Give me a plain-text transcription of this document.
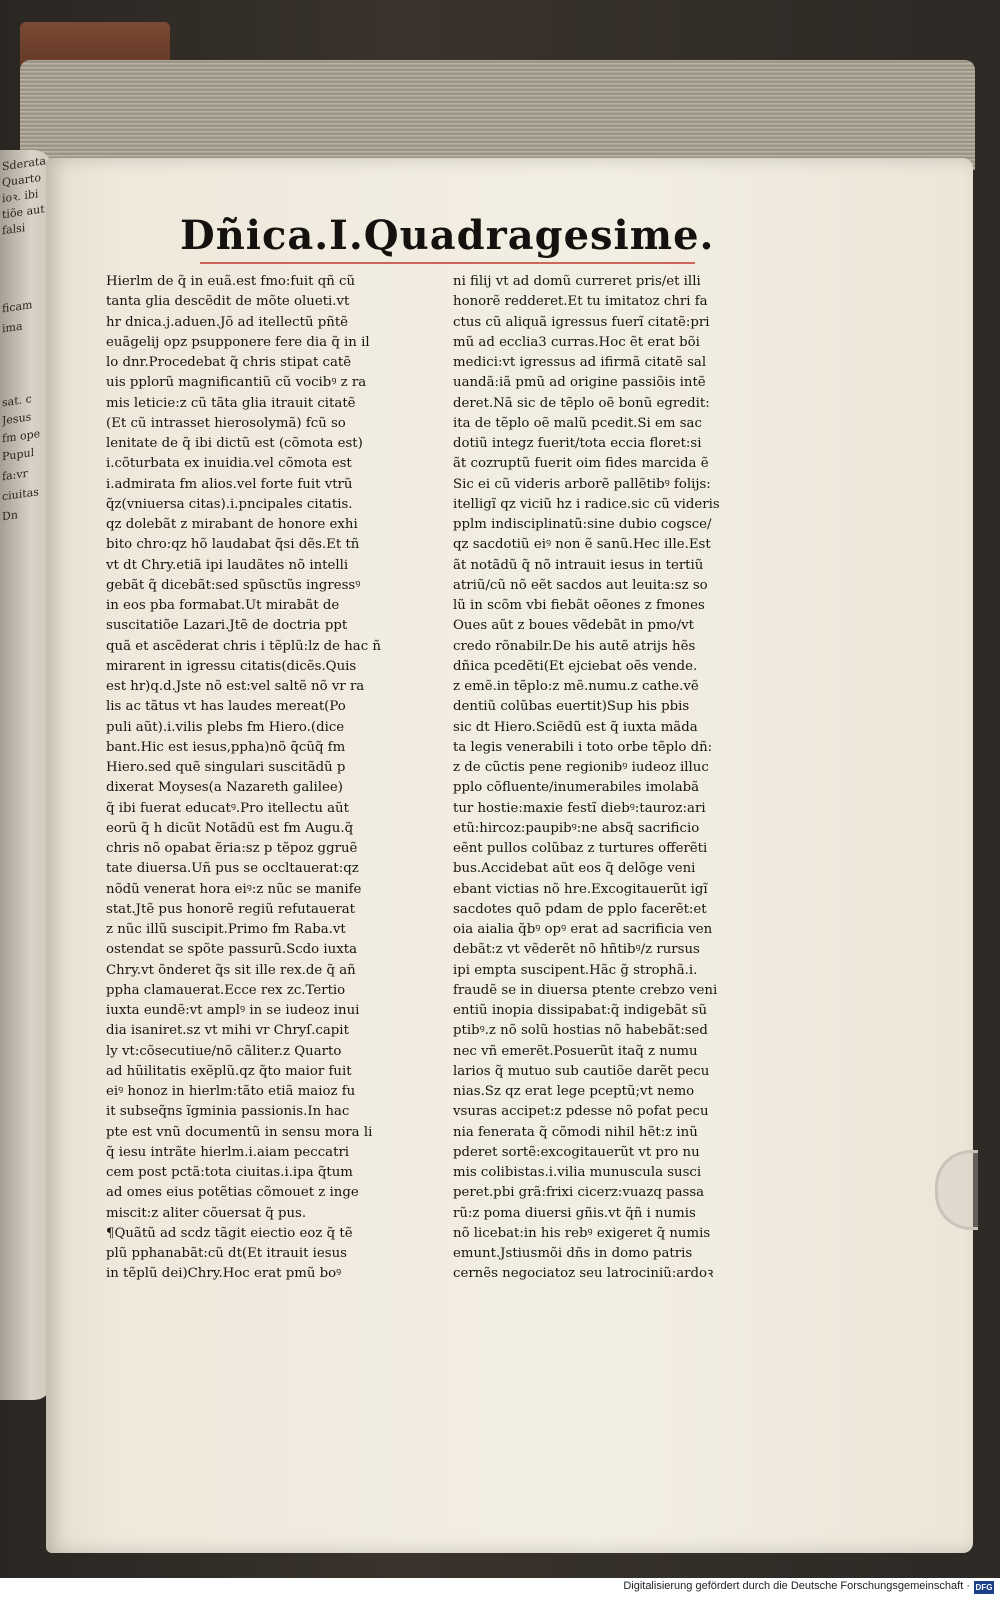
Sderata
Quarto
ioꝛ. ibi
tiõe aut
falsi
ficam
ima
sat. c
Jesus
fm ope
Pupul
fa:vr
ciuitas
Dn
Dñica.I.Quadragesime.
Hierlm de q̃ in euã.est fmo:fuit qñ cũ
tanta glia descẽdit de mõte olueti.vt
hr dnica.j.aduen.Jõ ad itellectũ pñtẽ
euãgelij opz psupponere fere dia q̃ in il
lo dnr.Procedebat q̃ chris stipat catẽ
uis pplorũ magnificantiũ cũ vocibꝰ z ra
mis leticie:z cũ tãta glia itrauit citatẽ
(Et cũ intrasset hierosolymã) fcũ so
lenitate de q̃ ibi dictũ est (cõmota est)
i.cõturbata ex inuidia.vel cõmota est
i.admirata fm alios.vel forte fuit vtrũ
q̃z(vniuersa citas).i.pncipales citatis.
qz dolebãt z mirabant de honore exhi
bito chro:qz hõ laudabat q̃si dẽs.Et tñ
vt dt Chry.etiã ipi laudãtes nõ intelli
gebãt q̃ dicebãt:sed spũsctũs ingressꝰ
in eos pba formabat.Ut mirabãt de
suscitatiõe Lazari.Jtẽ de doctria ppt
quã et ascẽderat chris i tẽplũ:lz de hac ñ
mirarent in igressu citatis(dicẽs.Quis
est hr)q.d.Jste nõ est:vel saltẽ nõ vr ra
lis ac tãtus vt has laudes mereat(Po
puli aũt).i.vilis plebs fm Hiero.(dice
bant.Hic est iesus,ppha)nõ q̃cũq̃ fm
Hiero.sed quẽ singulari suscitãdũ p
dixerat Moyses(a Nazareth galilee)
q̃ ibi fuerat educatꝰ.Pro itellectu aũt
eorũ q̃ h dicũt Notãdũ est fm Augu.q̃
chris nõ opabat ẽria:sz p tẽpoz ggruẽ
tate diuersa.Uñ pus se occltauerat:qz
nõdũ venerat hora eiꝰ:z nũc se manife
stat.Jtẽ pus honorẽ regiũ refutauerat
z nũc illũ suscipit.Primo fm Raba.vt
ostendat se spõte passurũ.Scdo iuxta
Chry.vt õnderet q̃s sit ille rex.de q̃ añ
ppha clamauerat.Ecce rex zc.Tertio
iuxta eundẽ:vt amplꝰ in se iudeoz inui
dia isaniret.sz vt mihi vr Chryſ.capit
ly vt:cõsecutiue/nõ cãliter.z Quarto
ad hũilitatis exẽplũ.qz q̃to maior fuit
eiꝰ honoz in hierlm:tãto etiã maioz fu
it subseq̃ns ĩgminia passionis.In hac
pte est vnũ documentũ in sensu mora li
q̃ iesu intrãte hierlm.i.aiam peccatri
cem post pctã:tota ciuitas.i.ipa q̃tum
ad omes eius potẽtias cõmouet z inge
miscit:z aliter cõuersat q̃ pus.
¶Quãtũ ad scdz tãgit eiectio eoz q̃ tẽ
plũ pphanabãt:cũ dt(Et itrauit iesus
in tẽplũ dei)Chry.Hoc erat pmũ boꝰ
ni filij vt ad domũ curreret pris/et illi
honorẽ redderet.Et tu imitatoz chri fa
ctus cũ aliquã igressus fuerĩ citatẽ:pri
mũ ad ecclia3 curras.Hoc ẽt erat bõi
medici:vt igressus ad ifirmã citatẽ sal
uandã:iã pmũ ad origine passiõis intẽ
deret.Nã sic de tẽplo oẽ bonũ egredit:
ita de tẽplo oẽ malũ pcedit.Si em sac
dotiũ integz fuerit/tota eccia floret:si
ãt cozruptũ fuerit oim fides marcida ẽ
Sic ei cũ videris arborẽ pallẽtibꝰ folijs:
itelligĩ qz viciũ hz i radice.sic cũ videris
pplm indisciplinatũ:sine dubio cogsce/
qz sacdotiũ eiꝰ non ẽ sanũ.Hec ille.Est
ãt notãdũ q̃ nõ intrauit iesus in tertiũ
atriũ/cũ nõ eẽt sacdos aut leuita:sz so
lũ in scõm vbi fiebãt oẽones z fmones
Oues aũt z boues vẽdebãt in pmo/vt
credo rõnabilr.De his autẽ atrijs hẽs
dñica pcedẽti(Et ejciebat oẽs vende.
z emẽ.in tẽplo:z mẽ.numu.z cathe.vẽ
dentiũ colũbas euertit)Sup his pbis
sic dt Hiero.Sciẽdũ est q̃ iuxta mãda
ta legis venerabili i toto orbe tẽplo dñ:
z de cũctis pene regionibꝰ iudeoz illuc
pplo cõfluente/inumerabiles imolabã
tur hostie:maxie festĩ diebꝰ:tauroz:ari
etũ:hircoz:paupibꝰ:ne absq̃ sacrificio
eẽnt pullos colũbaz z turtures offerẽti
bus.Accidebat aũt eos q̃ delõge veni
ebant victias nõ hre.Excogitauerũt igĩ
sacdotes quõ pdam de pplo facerẽt:et
oia aialia q̃bꝰ opꝰ erat ad sacrificia ven
debãt:z vt vẽderẽt nõ hñtibꝰ/z rursus
ipi empta suscipent.Hãc g̃ strophã.i.
fraudẽ se in diuersa ptente crebzo veni
entiũ inopia dissipabat:q̃ indigebãt sũ
ptibꝰ.z nõ solũ hostias nõ habebãt:sed
nec vñ emerẽt.Posuerũt itaq̃ z numu
larios q̃ mutuo sub cautiõe darẽt pecu
nias.Sz qz erat lege pceptũ;vt nemo
vsuras accipet:z pdesse nõ pofat pecu
nia fenerata q̃ cõmodi nihil hẽt:z inũ
pderet sortẽ:excogitauerũt vt pro nu
mis colibistas.i.vilia munuscula susci
peret.pbi grã:frixi cicerz:vuazq passa
rũ:z poma diuersi gñis.vt q̃ñ i numis
nõ licebat:in his rebꝰ exigeret q̃ numis
emunt.Jstiusmõi dñs in domo patris
cernẽs negociatoz seu latrociniũ:ardoꝛ
Digitalisierung gefördert durch die Deutsche Forschungsgemeinschaft · DFG
